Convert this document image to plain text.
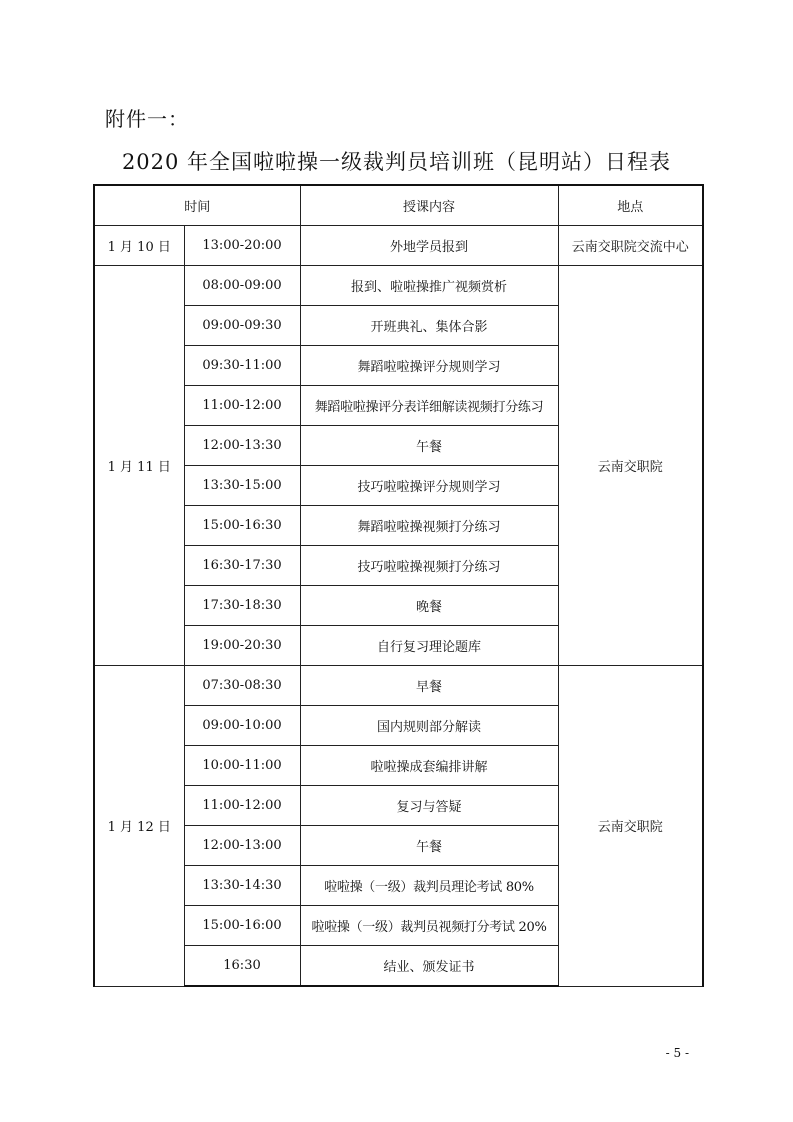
附件一：
2020 年全国啦啦操一级裁判员培训班（昆明站）日程表
时间		授课内容	地点
1 月 10 日	13:00-20:00	外地学员报到	云南交职院交流中心
1 月 11 日	08:00-09:00	报到、啦啦操推广视频赏析	云南交职院
	09:00-09:30	开班典礼、集体合影	
	09:30-11:00	舞蹈啦啦操评分规则学习	
	11:00-12:00	舞蹈啦啦操评分表详细解读视频打分练习	
	12:00-13:30	午餐	
	13:30-15:00	技巧啦啦操评分规则学习	
	15:00-16:30	舞蹈啦啦操视频打分练习	
	16:30-17:30	技巧啦啦操视频打分练习	
	17:30-18:30	晚餐	
	19:00-20:30	自行复习理论题库	
1 月 12 日	07:30-08:30	早餐	云南交职院
	09:00-10:00	国内规则部分解读	
	10:00-11:00	啦啦操成套编排讲解	
	11:00-12:00	复习与答疑	
	12:00-13:00	午餐	
	13:30-14:30	啦啦操（一级）裁判员理论考试 80%	
	15:00-16:00	啦啦操（一级）裁判员视频打分考试 20%	
	16:30	结业、颁发证书	
- 5 -
